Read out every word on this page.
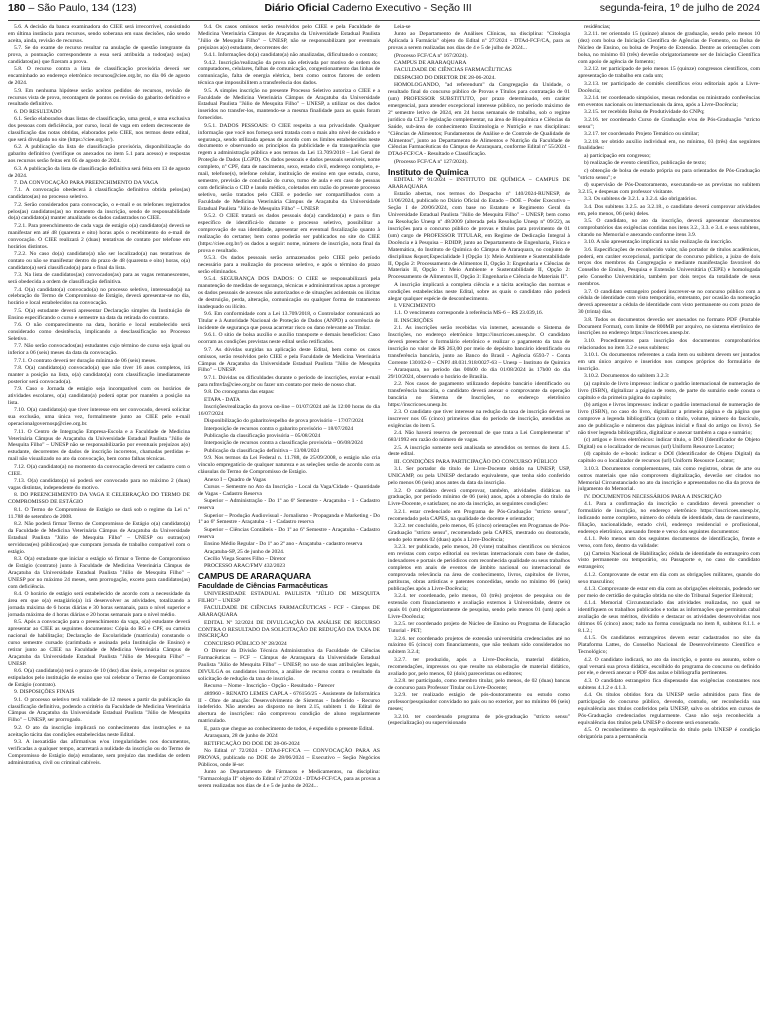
180 – São Paulo, 134 (123)	Diário Oficial Caderno Executivo - Seção III	segunda-feira, 1º de julho de 2024

5.6. A decisão da banca examinadora do CIEE será irrecorrível, consistindo em última instância para recursos, sendo soberana em suas decisões, não sendo aceita, ainda, revisão de recursos.

5.7. Se do exame de recurso resultar na anulação de questão integrante da prova, a pontuação correspondente a essa será atribuída a todos(as) os(as) candidatos(as) que fizeram a prova.

5.8. O recurso contra a lista de classificação provisória deverá ser encaminhado ao endereço eletrônico recursos@ciee.org.br, no dia 06 de agosto de 2024.

5.9. Em nenhuma hipótese serão aceitos pedidos de recursos, revisão de recursos vista de prova, recontagem de pontos ou revisão do gabarito definitivo e resultado definitivo.

6. DO RESULTADO

6.1. Serão elaborados duas listas de classificação, uma geral, e uma exclusiva dos pessoas com deficiência, por curso, local de vaga em ordem decrescente de classificação das notas obtidas, elaborados pelo CIEE, nos termos deste edital, que será divulgado no site (https://ciee.org.br/).

6.2. A publicação da lista de classificação provisória, disponibilização do gabarito definitivo (verifique os anexados no item 5.1 para acesso) e respostas aos recursos serão feitas em 05 de agosto de 2024.

6.3. A publicação da lista de classificação definitiva será feita em 13 de agosto de 2024.

7. DA CONVOCAÇÃO PARA PREENCHIMENTO DA VAGA

7.1. A convocação obedecerá à classificação definitiva obtida pelos(as) candidatos(as) no processo seletivo.

7.2. Serão considerados para convocação, o e-mail e os telefones registrados pelos(as) candidatos(as) no momento da inscrição, sendo de responsabilidade do(a) candidato(a) manter atualizado os dados cadastrados no CIEE.

7.2.1. Para preenchimento de cada vaga de estágio o(a) candidato(a) deverá se manifestar em até 48 (quarenta e oito) horas após o recebimento do e-mail de convocação. O CIEE realizará 2 (duas) tentativas de contato por telefone em horários distintos.

7.2.2. No caso do(a) candidato(a) não ser localizado(a) nas tentativas de contato ou não se manifestar dentro do prazo de 48 (quarenta e oito) horas, o(a) candidato(a) será classificado(a) para o final da lista.

7.3. Na lista de candidatos(as) convocados(as) para as vagas remanescentes, será obedecida a ordem de classificação definitiva.

7.4. O(a) candidato(a) convocado(a) no processo seletivo, interessado(a) na celebração do Termo de Compromisso de Estágio, deverá apresentar-se no dia, horário e local estabelecidos na convocação.

7.5. O(a) estudante deverá apresentar Declaração simples da Instituição de Ensino especificando o curso e semestre na data da retirada do contrato.

7.6. O não comparecimento na data, horário e local estabelecido será considerado como desistência, implicando a desclassificação no Processo Seletivo.

7.7. Não serão convocados(as) estudantes cujo término de curso seja igual ou inferior a 06 (seis) meses da data da convocação.

7.7.1. O contrato deverá ter duração mínima de 06 (seis) meses.

7.8. O(a) candidato(a) convocado(a) que não tiver 16 anos completos, irá manter a posição na lista, o(a) candidato(a) com classificação imediatamente posterior será convocado(a).

7.9. Caso o Jornada de estágio seja incompatível com os horários de atividades escolares, o(a) candidato(a) poderá optar por mantém a posição na lista.

7.10. O(a) candidato(a) que tiver interesse em ser convocado, deverá solicitar sua exclusão, uma única vez, formalmente junto ao CIEE pelo e-mail operacionalgovernosp@ciee.org.br.

7.11. O Centro de Integração Empresa-Escola e a Faculdade de Medicina Veterinária Câmpus de Araçatuba da Universidade Estadual Paulista "Júlio de Mesquita Filho" – UNESP não se responsabilizarão por eventuais prejuízos a(o) estudante, decorrentes de dados de inscrição incorretos, chamadas perdidas e-mail não visualizado no ato da convocação, bem como falhas técnicas.

7.12. O(a) candidato(a) no momento da convocação deverá ter cadastro com o CIEE.

7.13. O(a) candidato(a) só poderá ser convocado para no máximo 2 (duas) vagas distintas, independente do motivo.

8. DO PREENCHIMENTO DA VAGA E CELEBRAÇÃO DO TERMO DE COMPROMISSO DE ESTÁGIO

8.1. O Termo de Compromisso de Estágio se dará sob o regime da Lei n.º 11.788 de setembro de 2008.

8.2. Não poderá firmar Termo de Compromisso de Estágio o(a) candidato(a) da Faculdade de Medicina Veterinária Câmpus de Araçatuba da Universidade Estadual Paulista "Júlio de Mesquita Filho" – UNESP ou outras(os) servidoras(es) públicos(as) que cumpram jornada de trabalho compatível com o estágio.

8.3. O(a) estudante que iniciar o estágio só firmar o Termo de Compromisso de Estágio (contrato) junto à Faculdade de Medicina Veterinária Câmpus de Araçatuba da Universidade Estadual Paulista "Júlio de Mesquita Filho" – UNESP por no máximo 24 meses, sem prorrogação, exceto para candidatos(as) com deficiência.

8.4. O horário de estágio será estabelecido de acordo com a necessidade da área em que o(a) estagiário(a) irá desenvolver as atividades, totalizando a jornada máxima de 6 horas diárias e 30 horas semanais, para o nível superior e jornada máxima de 4 horas diárias e 20 horas semanais para o nível médio.

8.5. Após a convocação para o preenchimento da vaga, o(a) estudante deverá apresentar ao CIEE as seguintes documentos: Cópia do RG e CPF, ou carteira nacional de habilitação; Declaração de Escolaridade (matrícula) constando o curso semestre cursado (carimbada e assinada pela Instituição de Ensino) e retirar junto ao CIEE na Faculdade de Medicina Veterinária Câmpus de Araçatuba da Universidade Estadual Paulista "Júlio de Mesquita Filho" – UNESP.

8.6. O(a) candidato(a) terá o prazo de 10 (dez) dias úteis, a respeitar os prazos estipulados pelo instituição de ensino que vai celebrar o Termo de Compromisso de Estágio (contrato).

9. DISPOSIÇÕES FINAIS

9.1. O processo seletivo terá validade de 12 meses a partir da publicação da classificação definitiva, podendo a critério da Faculdade de Medicina Veterinária Câmpus de Araçatuba da Universidade Estadual Paulista "Júlio de Mesquita Filho" – UNESP, ser prorrogado.

9.2. O ato da inscrição implicará no conhecimento das instruções e na aceitação tácita das condições estabelecidas neste Edital.

9.3. A inexatidão das afirmativas e/ou irregularidades nos documentos, verificadas a qualquer tempo, acarretará a nulidade da inscrição ou do Termo de Compromisso de Estágio do(a) estudante, sem prejuízo das medidas de ordem administrativa, civil ou criminal cabíveis.

9.4. Os casos omissos serão resolvidos pelo CIEE e pela Faculdade de Medicina Veterinária Câmpus de Araçatuba da Universidade Estadual Paulista "Júlio de Mesquita Filho" – UNESP, não se responsabilizam por eventuais prejuízos a(o) estudante, decorrentes de:

9.4.1. Informações do(a) candidato(a) não atualizadas, dificultando o contato;

9.4.2. Inscrição/realização da prova não efetivada por motivo de ordem dos computadores, celulares, falhas de comunicação, congestionamento das linhas de comunicação, falta de energia elétrica, bem como outros fatores de ordem técnica que impossibilitem a transferência dos dados.

9.5. A simples inscrição no presente Processo Seletivo autoriza o CIEE e a Faculdade de Medicina Veterinária Câmpus de Araçatuba da Universidade Estadual Paulista "Júlio de Mesquita Filho" – UNESP, a utilizar os dos dados inseridos no transfer-los, mantendo-se a mesma finalidade para as quais foram fornecidos.

9.5.1. DADOS PESSOAIS: O CIEE respeita a sua privacidade. Qualquer informação que você nos forneça será tratada com o mais alto nível de cuidado e segurança, sendo utilizada apenas de acordo com os limites estabelecidos neste documento e observando os princípios da publicidade e da transparência que regem a administração pública e aos termos da Lei 13.709/2018 – Lei Geral de Proteção de Dados (LGPD). Os dados pessoais e dados pessoais sensíveis, nome completo, nº CPF, data de nascimento, sexo, estado civil, endereço completo, e-mail, telefone(s), telefone celular, instituição de ensino em que estuda, curso, semestre, previsão de conclusão do curso, turno de aula e em caso de pessoas com deficiência o CID e laudo médico, coletados em razão do presente processo seletivo, serão tratados pelo CIEE e poderão ser compartilhados com a Faculdade de Medicina Veterinária Câmpus de Araçatuba da Universidade Estadual Paulista "Júlio de Mesquita Filho" – UNESP.

9.5.2. O CIEE tratará os dados pessoais do(a) candidato(a) e para o fim específico de identificá-lo durante o processo seletivo, possibilitar a comprovação de sua identidade, apresentar em eventual fiscalização quanto à realização do certame; bem como poderão ser publicados no site do CIEE (https://ciee.org.br/) os dados a seguir: nome, número de inscrição, nota final da prova e resultado.

9.5.3. Os dados pessoais serão armazenados pelo CIEE pelo período necessário para a realização do processo seletivo, e após o término do prazo serão eliminados.

9.5.4. SEGURANÇA DOS DADOS: O CIEE se responsabilizará pela manutenção de medidas de segurança, técnicas e administrativas aptas a proteger os dados pessoais de acessos não autorizados e de situações acidentais ou ilícitas de destruição, perda, alteração, comunicação ou qualquer forma de tratamento inadequado ou ilícito.

9.6. Em conformidade com a Lei 13.709/2018, o Controlador comunicará ao Titular e à Autoridade Nacional de Proteção de Dados (ANPD) a ocorrência de incidente de segurança que possa acarretar risco ou dano relevante ao Titular.

9.6.1. O sítio de bolsa auxílio e auxílio transporte e demais benefícios: Caso ocorram as condições previstas neste edital serão retificados.

9.7. As dúvidas surgidas na aplicação deste Edital, bem como os casos omissos, serão resolvidos pelo CIEE e pela Faculdade de Medicina Veterinária Câmpus de Araçatuba da Universidade Estadual Paulista "Júlio de Mesquita Filho" – UNESP.

9.7.1. Dúvidas ou dificuldades durante o período de inscrições, enviar e-mail para mfmvfa@ciee.org.br ou fazer um contato por meio de nosso chat.

9.8. Do cronograma das etapas:

ETAPA - DATA

Inscrições/realização da prova on-line – 01/07/2024 até às 12:00 horas do dia 16/07/2024

Disponibilização do gabarito/espelho de prova provisório – 17/07/2024

Interposição de recursos contra o gabarito provisório – 18/07/2024

Publicação da classificação provisória – 05/08/2024

Interposição de recursos contra a classificação provisória – 06/08/2024

Publicação da classificação definitiva – 13/08/2024

9.9. Nos termos da Lei Federal n. 11.788, de 25/09/2008, o estágio não cria vínculo empregatício de qualquer natureza e as seleções serão de acordo com as cláusulas do Termo de Compromisso de Estágio.

Anexo I – Quadro de Vagas

Cursos – Semestre no Ato da Inscrição - Local da Vaga/Cidade - Quantidade de Vagas - Cadastro Reserva

Superior – Administração - Do 1º ao 6º Semestre - Araçatuba - 1 - Cadastro reserva

Superior – Produção Audiovisual - Jornalismo - Propaganda e Marketing - Do 1º ao 6º Semestre - Araçatuba - 1 - Cadastro reserva

Superior – Ciências Contábeis - Do 1º ao 6º Semestre - Araçatuba - Cadastro reserva

Ensino Médio Regular - Do 1º ao 2º ano - Araçatuba - cadastro reserva

Araçatuba-SP, 25 de junho de 2024.

Cecílio Viega Soares Filho – Diretor

PROCESSO ARAC/FMV 432/2023

CAMPUS DE ARARAQUARA
Faculdade de Ciências Farmacêuticas

UNIVERSIDADE ESTADUAL PAULISTA "JÚLIO DE MESQUITA FILHO" – UNESP

FACULDADE DE CIÊNCIAS FARMACÊUTICAS - FCF - Câmpus DE ARARAQUARA

EDITAL Nº 32/2024 DE DIVULGAÇÃO DA ANÁLISE DE RECURSO CONTRA O RESULTADO DA SOLICITAÇÃO DE REDUÇÃO DA TAXA DE INSCRIÇÃO

CONCURSO PÚBLICO Nº 28/2024

O Diretor da Divisão Técnica Administrativa da Faculdade de Ciências Farmacêuticas – FCF – Câmpus de Araraquara da Universidade Estadual Paulista "Júlio de Mesquita Filho" – UNESP, no uso de suas atribuições legais, DIVULGA os candidatos inscritos, a análise de recurso contra o resultado da solicitação de redução da taxa de inscrição.

Recurso – Nome - Inscrição - Opção - Resultado - Parecer

489960 - RENATO LEMES CAPLA - 676156/25 - Assistente de Informática II - Obre de atuação: Desenvolvimento de Sistemas - Indeferido - Recurso indeferido. Não atendeu ao disposto no item 2.15, subitem 1 do Edital de abertura de inscrições: não comprovou condição de aluno regularmente matriculado.

E, para que chegue ao conhecimento de todos, é expedido o presente Edital.

Araraquara, 28 de junho de 2024

RETIFICAÇÃO DO DOE DE 28-06-2024

No Edital nº 72/2024 - DTAd-FCF/CA — CONVOCAÇÃO PARA AS PROVAS, publicado no DOE de 28/06/2024 – Executivo – Seção Negócios Públicos, onde lê-se:

Junto ao Departamento de Fármacos e Medicamentos, na disciplina: "Farmacologia II" objeto do Edital nº 27/2024 - DTAd-FCF/CA, para as provas a serem realizadas nos dias de 4 e 5 de junho de 2024...

Leia-se

Junto ao Departamento de Análises Clínicas, na disciplina: "Citologia Aplicada à Farmácia" objeto do Edital nº 27/2024 - DTAd-FCF/CA, para as provas a serem realizadas nos dias de 4 e 5 de julho de 2024...

(Processo FCF/CA nº 167/2024).

CAMPUS DE ARARAQUARA

FACULDADE DE CIÊNCIAS FARMACÊUTICAS

DESPACHO DO DIRETOR DE 28-06-2024.

HOMOLOGANDO, "ad referendum" da Congregação da Unidade, o resultado final do concurso público de Provas e Títulos para contratação de 01 (um) PROFESSOR SUBSTITUTO, por prazo determinado, em caráter emergencial, para atender excepcional interesse público, no período máximo de 2º semestre letivo de 2024, em 24 horas semanais de trabalho, sob o regime jurídico da CLT e legislação complementar, na área de Bioquímica e Ciências da Saúde, sub-área de conhecimento Enzimologia e Nutrição e nas disciplinas: "Ciências de Alimentos; Fundamentos de Análise e de Controle de Qualidade de Alimentos", junto ao Departamento de Alimentos e Nutrição da Faculdade de Ciências Farmacêuticas do Câmpus de Araraquara, conforme Edital nº 55/2024 - DTAd-FCF/CA - Resultado e Classificação.

(Processo FCF/CA nº 127/2024).

Instituto de Química

EDITAL Nº 91/2024 – INSTITUTO DE QUÍMICA – CAMPUS DE ARARAQUARA

Estarão abertas, nos termos do Despacho nº 140/2024-RUNESP, de 11/06/2024, publicado no Diário Oficial do Estado – DOE – Poder Executivo – Seção I de 20/06/2024, com base no Estatuto e Regimento Geral da Universidade Estadual Paulista "Júlio de Mesquita Filho" – UNESP, bem como na Resolução Unesp nº 48/2009 (alterada pela Resolução Unesp nº 09/22), as inscrições para o concurso público de provas e títulos para provimento de 01 (um) cargo de PROFESSOR TITULAR, em Regime de Dedicação Integral à Docência e à Pesquisa – RDIDP, junto ao Departamento de Engenharia, Física e Matemática, do Instituto de Química do Câmpus de Araraquara, no conjunto de disciplinas &quot;Especialidade I (Opção 1): Meio Ambiente e Sustentabilidade II, Opção 2: Processamento de Alimentos II, Opção 3: Engenharia e Ciências de Materiais II, Opção 1: Meio Ambiente e Sustentabilidade II, Opção 2: Processamento de Alimentos II, Opção 3: Engenharia e Ciência de Materiais II".

A inscrição implicará a completa ciência e a tácita aceitação das normas e condições estabelecidas neste Edital, sobre as quais o candidato não poderá alegar qualquer espécie de desconhecimento.

I. VENCIMENTO

1.1. O vencimento corresponde à referência MS-6 – R$ 23.039,16.

II. INSCRIÇÕES

2.1. As inscrições serão recebidas via internet, acessando o Sistema de Inscrições, no endereço eletrônico https://inscricoes.unesp.br. O candidato deverá preencher o formulário eletrônico e realizar o pagamento da taxa de inscrição no valor de R$ 263,00 por meio de depósito bancário identificado ou transferência bancária, junto ao Banco do Brasil - Agência 6593-7 - Conta Corrente 130102-0 – CNPJ 48.031.918/0027-63 – Unesp – Instituto de Química – Araraquara, no período das 00h00 do dia 01/08/2024 às 17h00 do dia 29/10/2024, observado o horário de Brasília.

2.2. Nos casos de pagamento utilizando depósito bancário identificado ou transferência bancária, o candidato deverá anexar o comprovante da operação bancária no Sistema de Inscrições, no endereço eletrônico https://inscricoes.unesp.br.

2.3. O candidato que tiver interesse na redução da taxa de inscrição deverá se inscrever nos 05 (cinco) primeiros dias do período de inscrição, atendidas as exigências do item 5.

2.4. Não haverá reserva de percentual de que trata a Lei Complementar nº 683/1992 em razão do número de vagas.

2.5. A inscrição somente será analisada se atendidos os termos do item 4.5. deste edital.

III. CONDIÇÕES PARA PARTICIPAÇÃO DO CONCURSO PÚBLICO

3.1. Ser portador do título de Livre-Docente obtido na UNESP, USP, UNICAMP, ou pela UNESP declarado equivalente, que tenha sido conferido pelo menos 06 (seis) anos antes da data da inscrição.

3.2. O candidato deverá comprovar, também, atividades didáticas na graduação, por período mínimo de 06 (seis) anos, após a obtenção do título de Livre-Docente, e satisfazer, no ato da inscrição, as seguintes condições:

3.2.1. estar credenciado em Programa de Pós-Graduação "stricto sensu", recomendado pela CAPES, na qualidade de docente e orientador;

3.2.2. ter concluído, pelo menos, 05 (cinco) orientações em Programas de Pós-Graduação "stricto sensu", recomendado pela CAPES, mestrado ou doutorado, sendo pelo menos 02 (duas) após a Livre-Docência;

3.2.3. ter publicado, pelo menos, 20 (vinte) trabalhos científicos ou técnicos em revistas com corpo editorial ou revistas internacionais com base de dados, indexadores e portais de periódicos com reconhecida qualidade ou seus trabalhos completos em anais de eventos de âmbito nacional ou internacional de comprovada relevância na área de conhecimento, livros, capítulos de livros, partituras, obras artísticas e patentes concedidas, sendo no mínimo 06 (seis) publicações após a Livre-Docência;

3.2.4. ter coordenado, pelo menos, 03 (três) projetos de pesquisa ou de extensão com financiamento e avaliação externos à Universidade, dentre os quais 01 (um) obrigatoriamente de pesquisa, sendo pelo menos 01 (um) após a Livre-Docência;

3.2.5. ter coordenado projeto de Núcleo de Ensino ou Programa de Educação Tutorial - PET;

3.2.6. ter coordenado projetos de extensão universitária credenciados até no máximo 05 (cinco) com financiamento, que não tenham sido considerados no subitem 3.2.4;

3.2.7. ter produzido, após a Livre-Docência, material didático, recomendações, impressos ou que resulte na elaboração de material didático, avaliado por, pelo menos, 02 (dois) pareceristas ou editores;

3.2.8. ter participado, como membro titular, pelo menos, de 02 (duas) bancas de concurso para Professor Titular ou Livre-Docente;

3.2.9. ter realizado estágio de pós-doutoramento ou estudo como professor/pesquisador convidado no país ou no exterior, por no mínimo 06 (seis) meses;

3.2.10. ter coordenado programa de pós-graduação "stricto sensu" (especialização) ou supervisionado

residências;

3.2.11. ter orientado 15 (quinze) alunos de graduação, sendo pelo menos 10 (dez) com bolsa de Iniciação Científica de Agências de Fomento, ou Bolsa de Núcleo de Ensino, ou bolsa de Projeto de Extensão. Dentre as orientações com bolsa, no mínimo 03 (três) deverão obrigatoriamente ser de Iniciação Científica com apoio de agência de fomento;

3.2.12. ter participado de pelo menos 15 (quinze) congressos científicos, com apresentação de trabalho em cada um;

3.2.13. ter participado de comitês científicos e/ou editoriais após a Livre-Docência;

3.2.14. ter coordenado simpósios, mesas redondas ou ministrado conferências em eventos nacionais ou internacionais da área, após a Livre-Docência;

3.2.15. ter recebido Bolsa de Produtividade do CNPq;

3.2.16. ter coordenado Curso de Graduação e/ou de Pós-Graduação "stricto sensu";

3.2.17. ter coordenado Projeto Temático ou similar;

3.2.18. ter obtido auxílio individual em, no mínimo, 03 (três) das seguintes finalidades:

a) participação em congresso;

b) realização de evento científico, publicação de texto;

c) obtenção de bolsa de estudo própria ou para orientados de Pós-Graduação "stricto sensu"; e

d) supervisão de Pós-Doutoramento, executando-se as previstas no subitem 3.2.15, e despesas com professor visitante.

3.3. Os subitens de 3.2.1. a 3.2.4. são obrigatórios.

3.4. Dos subitens 3.2.5. ao 3.2.18., o candidato deverá comprovar atividades em, pelo menos, 06 (seis) deles.

3.5. O candidato, no ato da inscrição, deverá apresentar documentos comprobatórios das exigências contidas nos itens 3.2., 3.3. e 3.4. e seus subitens, citando no Memorial e anexando conforme itens 3.9.

3.10. A não apresentação implicará na não realização da inscrição.

3.6. Especificações de reconhecido valor, não portador de títulos acadêmicos, poderá, em caráter excepcional, participar do concurso público, a juízo de dois terços dos membros da Congregação e mediante manifestação favorável do Conselho de Ensino, Pesquisa e Extensão Universitária (CEPE) e homologada pelo Conselho Universitário, também por dois terços da totalidade de seus membros.

3.7. O candidato estrangeiro poderá inscrever-se no concurso público com a cédula de identidade com visto temporário, entretanto, por ocasião da nomeação deverá apresentar a cédula de identidade com visto permanente ou com prazo de 30 (trinta) dias.

3.8. Todos os documentos deverão ser anexados no formato PDF (Portable Document Format), com limite de 800MB por arquivo, no sistema eletrônico de inscrições no endereço https://inscricoes.unesp.br.

3.10. Procedimentos para inscrição dos documentos comprobatórios relacionados no item 3.2 e seus subitens:

3.10.1. Os documentos referentes a cada item ou subitem devem ser juntados em um único arquivo e inseridos nos campos próprios do formulário de inscrição.

3.10.2. Documentos do subitem 3.2.3:

(a) capítulo de livro impresso: indicar o padrão internacional de numeração de livro (ISBN), digitalizar a página de rosto, de parte do sumário onde consta o capítulo e da primeira página do capítulo;

(b) artigos e livros impressos: indicar o padrão internacional de numeração de livro (ISBN), no caso do livro, digitalizar a primeira página e da página que comprove a legenda bibliográfica (com o título, volume, número do fascículo, ano de publicação e números das páginas inicial e final do artigo ou livro). Se não tiver legenda bibliográfica, digitalizar e anexar também a capa e sumário;

(c) artigos e livros eletrônicos: indicar título, o DOI (Identificador de Objeto Digital) ou o localizador de recursos (url) Uniform Resource Locator;

(d) capítulo de e-book: indicar o DOI (Identificador de Objeto Digital) da capítulo ou o localizador de recursos (url) Uniform Resource Locator;

3.10.3. Documentos complementares, tais como registros, obras de arte ou outros materiais que não comprovem digitalização, deverão ser citados no Memorial Circunstanciado no ato da inscrição e apresentados no dia da prova de julgamento do Memorial.

IV. DOCUMENTOS NECESSÁRIOS PARA A INSCRIÇÃO

4.1. Para a confirmação da inscrição o candidato deverá preencher o formulário de inscrição, no endereço eletrônico https://inscricoes.unesp.br, indicando nome completo, número do cédula de identidade, data de nascimento, filiação, nacionalidade, estado civil, endereço residencial e profissional, endereço eletrônico, anexando frente e verso dos seguintes documentos:

4.1.1. Pelo menos um dos seguintes documentos de identificação, frente e verso, com foto, dentro da validade:

(a) Carteira Nacional de Habilitação; cédula de identidade do estrangeiro com visto permanente ou temporário, ou Passaporte e, no caso do candidato estrangeiro;

4.1.2. Comprovante de estar em dia com as obrigações militares, quando do sexo masculino;

4.1.3. Comprovante de estar em dia com as obrigações eleitorais, podendo ser por meio de certidão de quitação obtida no site do Tribunal Superior Eleitoral;

4.1.4. Memorial Circunstanciado das atividades realizadas, no qual se identifiquem os trabalhos publicados e todas as informações que permitam cabal avaliação de seus méritos, dividido e destacar os atividades desenvolvidas nos últimos 05 (cinco) anos; tudo na forma consignada no item 8, subitens 8.1.1. e 8.1.2.;

4.1.5. Os candidatos estrangeiros devem estar cadastrados no site da Plataforma Lattes, do Conselho Nacional de Desenvolvimento Científico e Tecnológico;

4.2. O candidato indicará, no ato da inscrição, o ponto ou assunto, sobre o qual versará sua prova didática, escolhido do programa do concurso ou definido por ele, e deverá anexar o PDF das aulas e bibliografia pertinentes.

4.3. O candidato estrangeiro fica dispensado das exigências constantes nos subitens 4.1.2 e 4.1.3.

4.4. Os títulos obtidos fora da UNESP serão admitidos para fins de participação do concurso público, devendo, contudo, ser reconhecida sua equivalência aos títulos conferidos pela UNESP, salvo os obtidos em cursos de Pós-Graduação credenciados regularmente. Caso não seja reconhecida a equivalência dos títulos pela UNESP o docente será exonerado.

4.5. O reconhecimento da equivalência do título pela UNESP é condição obrigatória para a permanência
